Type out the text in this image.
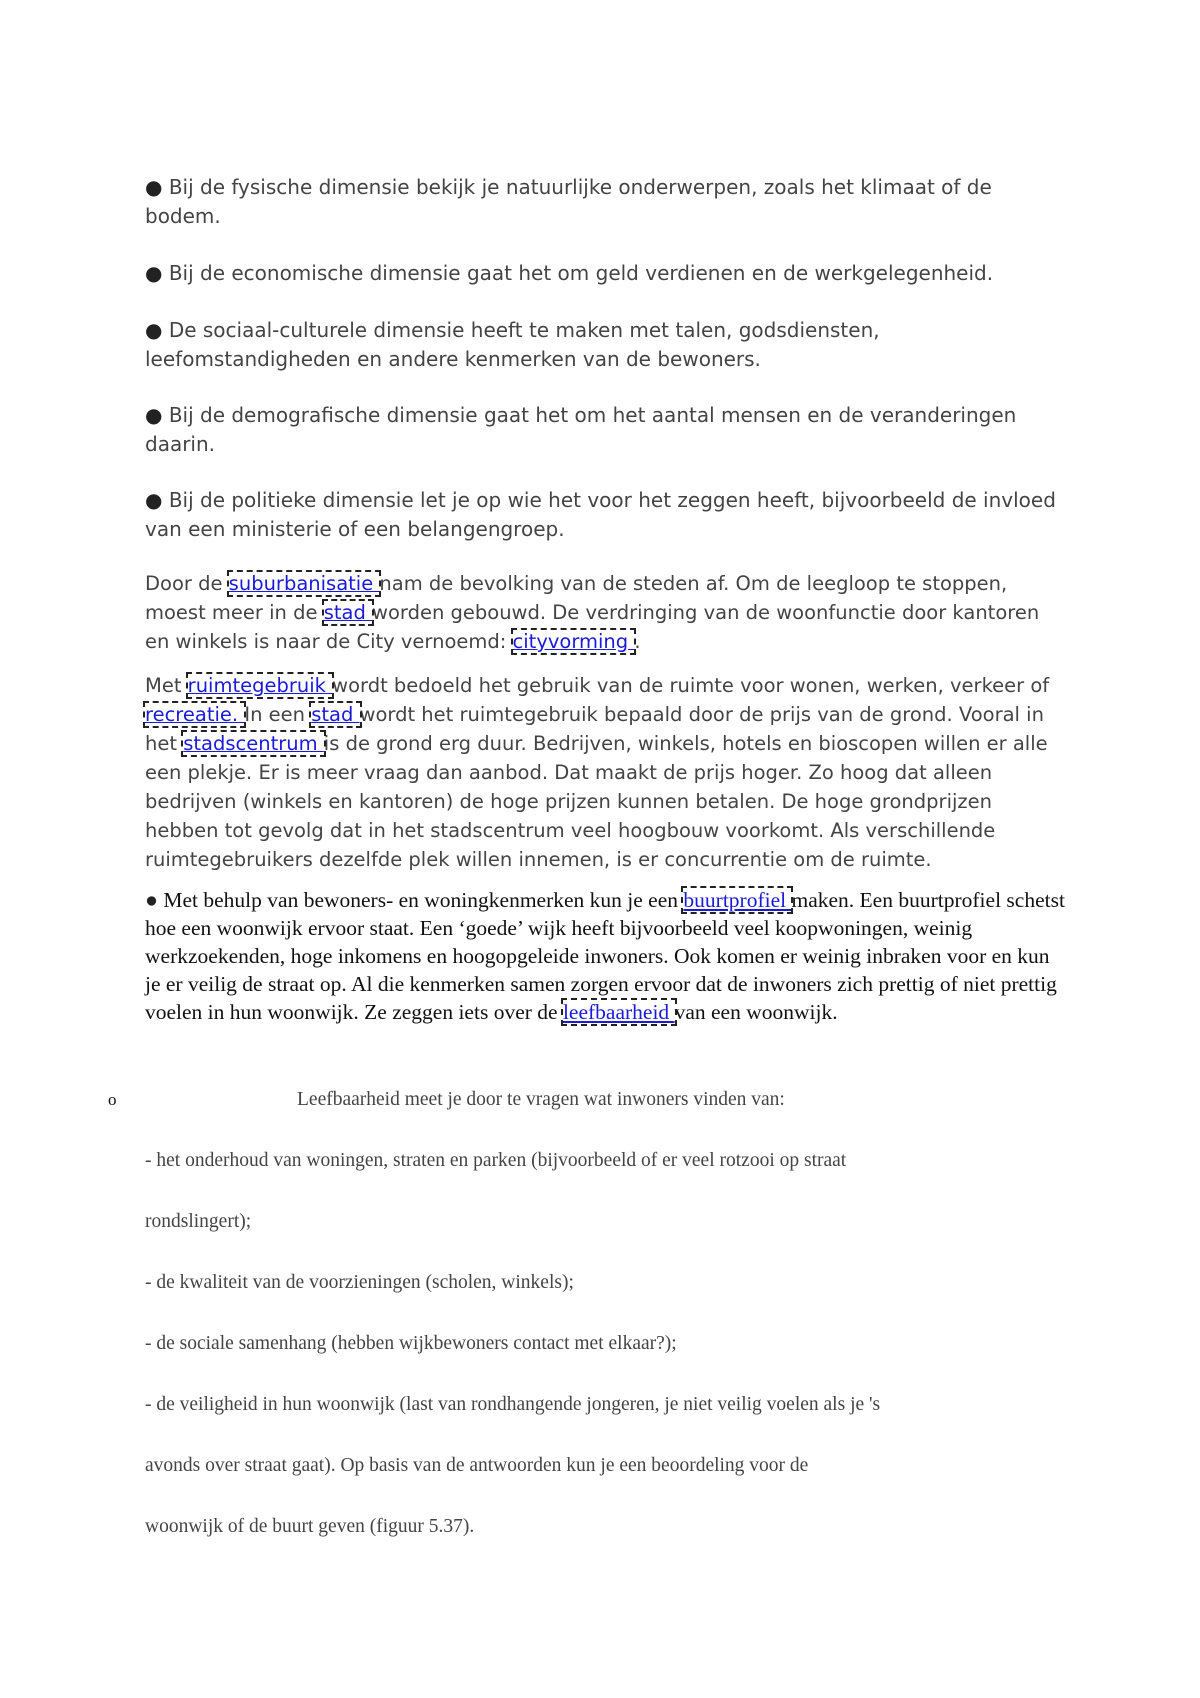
● Bij de fysische dimensie bekijk je natuurlijke onderwerpen, zoals het klimaat of de bodem.

● Bij de economische dimensie gaat het om geld verdienen en de werkgelegenheid.

● De sociaal-culturele dimensie heeft te maken met talen, godsdiensten, leefomstandigheden en andere kenmerken van de bewoners.

● Bij de demografische dimensie gaat het om het aantal mensen en de veranderingen daarin.

● Bij de politieke dimensie let je op wie het voor het zeggen heeft, bijvoorbeeld de invloed van een ministerie of een belangengroep.

Door de suburbanisatie nam de bevolking van de steden af. Om de leegloop te stoppen, moest meer in de stad worden gebouwd. De verdringing van de woonfunctie door kantoren en winkels is naar de City vernoemd: cityvorming .

Met ruimtegebruik wordt bedoeld het gebruik van de ruimte voor wonen, werken, verkeer of recreatie. In een stad wordt het ruimtegebruik bepaald door de prijs van de grond. Vooral in het stadscentrum is de grond erg duur. Bedrijven, winkels, hotels en bioscopen willen er alle een plekje. Er is meer vraag dan aanbod. Dat maakt de prijs hoger. Zo hoog dat alleen bedrijven (winkels en kantoren) de hoge prijzen kunnen betalen. De hoge grondprijzen hebben tot gevolg dat in het stadscentrum veel hoogbouw voorkomt. Als verschillende ruimtegebruikers dezelfde plek willen innemen, is er concurrentie om de ruimte.

● Met behulp van bewoners- en woningkenmerken kun je een buurtprofiel maken. Een buurtprofiel schetst hoe een woonwijk ervoor staat. Een ‘goede’ wijk heeft bijvoorbeeld veel koopwoningen, weinig werkzoekenden, hoge inkomens en hoogopgeleide inwoners. Ook komen er weinig inbraken voor en kun je er veilig de straat op. Al die kenmerken samen zorgen ervoor dat de inwoners zich prettig of niet prettig voelen in hun woonwijk. Ze zeggen iets over de leefbaarheid van een woonwijk.

o	Leefbaarheid meet je door te vragen wat inwoners vinden van:

- het onderhoud van woningen, straten en parken (bijvoorbeeld of er veel rotzooi op straat

rondslingert);

- de kwaliteit van de voorzieningen (scholen, winkels);

- de sociale samenhang (hebben wijkbewoners contact met elkaar?);

- de veiligheid in hun woonwijk (last van rondhangende jongeren, je niet veilig voelen als je 's

avonds over straat gaat). Op basis van de antwoorden kun je een beoordeling voor de

woonwijk of de buurt geven (figuur 5.37).
